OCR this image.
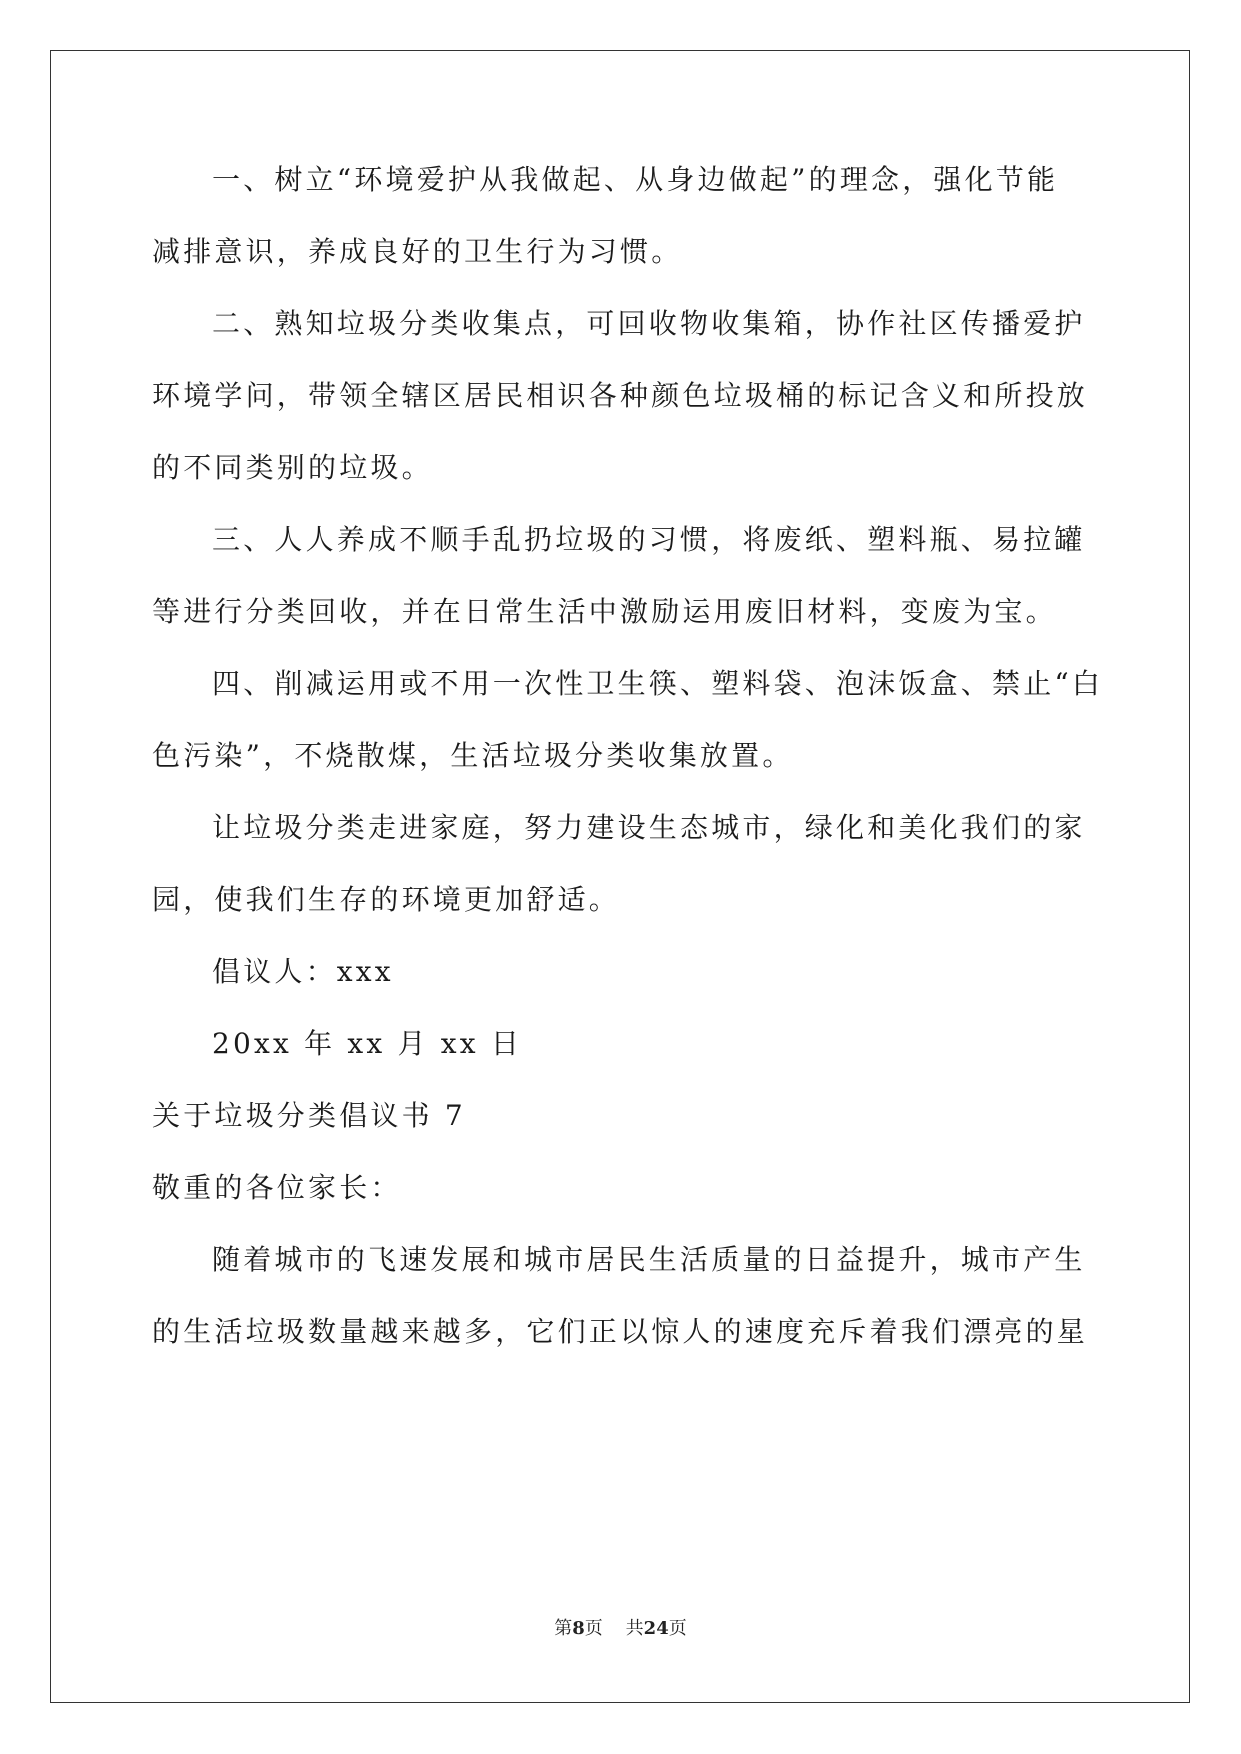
一、树立“环境爱护从我做起、从身边做起”的理念，强化节能
减排意识，养成良好的卫生行为习惯。
二、熟知垃圾分类收集点，可回收物收集箱，协作社区传播爱护
环境学问，带领全辖区居民相识各种颜色垃圾桶的标记含义和所投放
的不同类别的垃圾。
三、人人养成不顺手乱扔垃圾的习惯，将废纸、塑料瓶、易拉罐
等进行分类回收，并在日常生活中激励运用废旧材料，变废为宝。
四、削减运用或不用一次性卫生筷、塑料袋、泡沫饭盒、禁止“白
色污染”，不烧散煤，生活垃圾分类收集放置。
让垃圾分类走进家庭，努力建设生态城市，绿化和美化我们的家
园，使我们生存的环境更加舒适。
倡议人：xxx
20xx 年 xx 月 xx 日
关于垃圾分类倡议书 7
敬重的各位家长：
随着城市的飞速发展和城市居民生活质量的日益提升，城市产生
的生活垃圾数量越来越多，它们正以惊人的速度充斥着我们漂亮的星
第8页 共24页
